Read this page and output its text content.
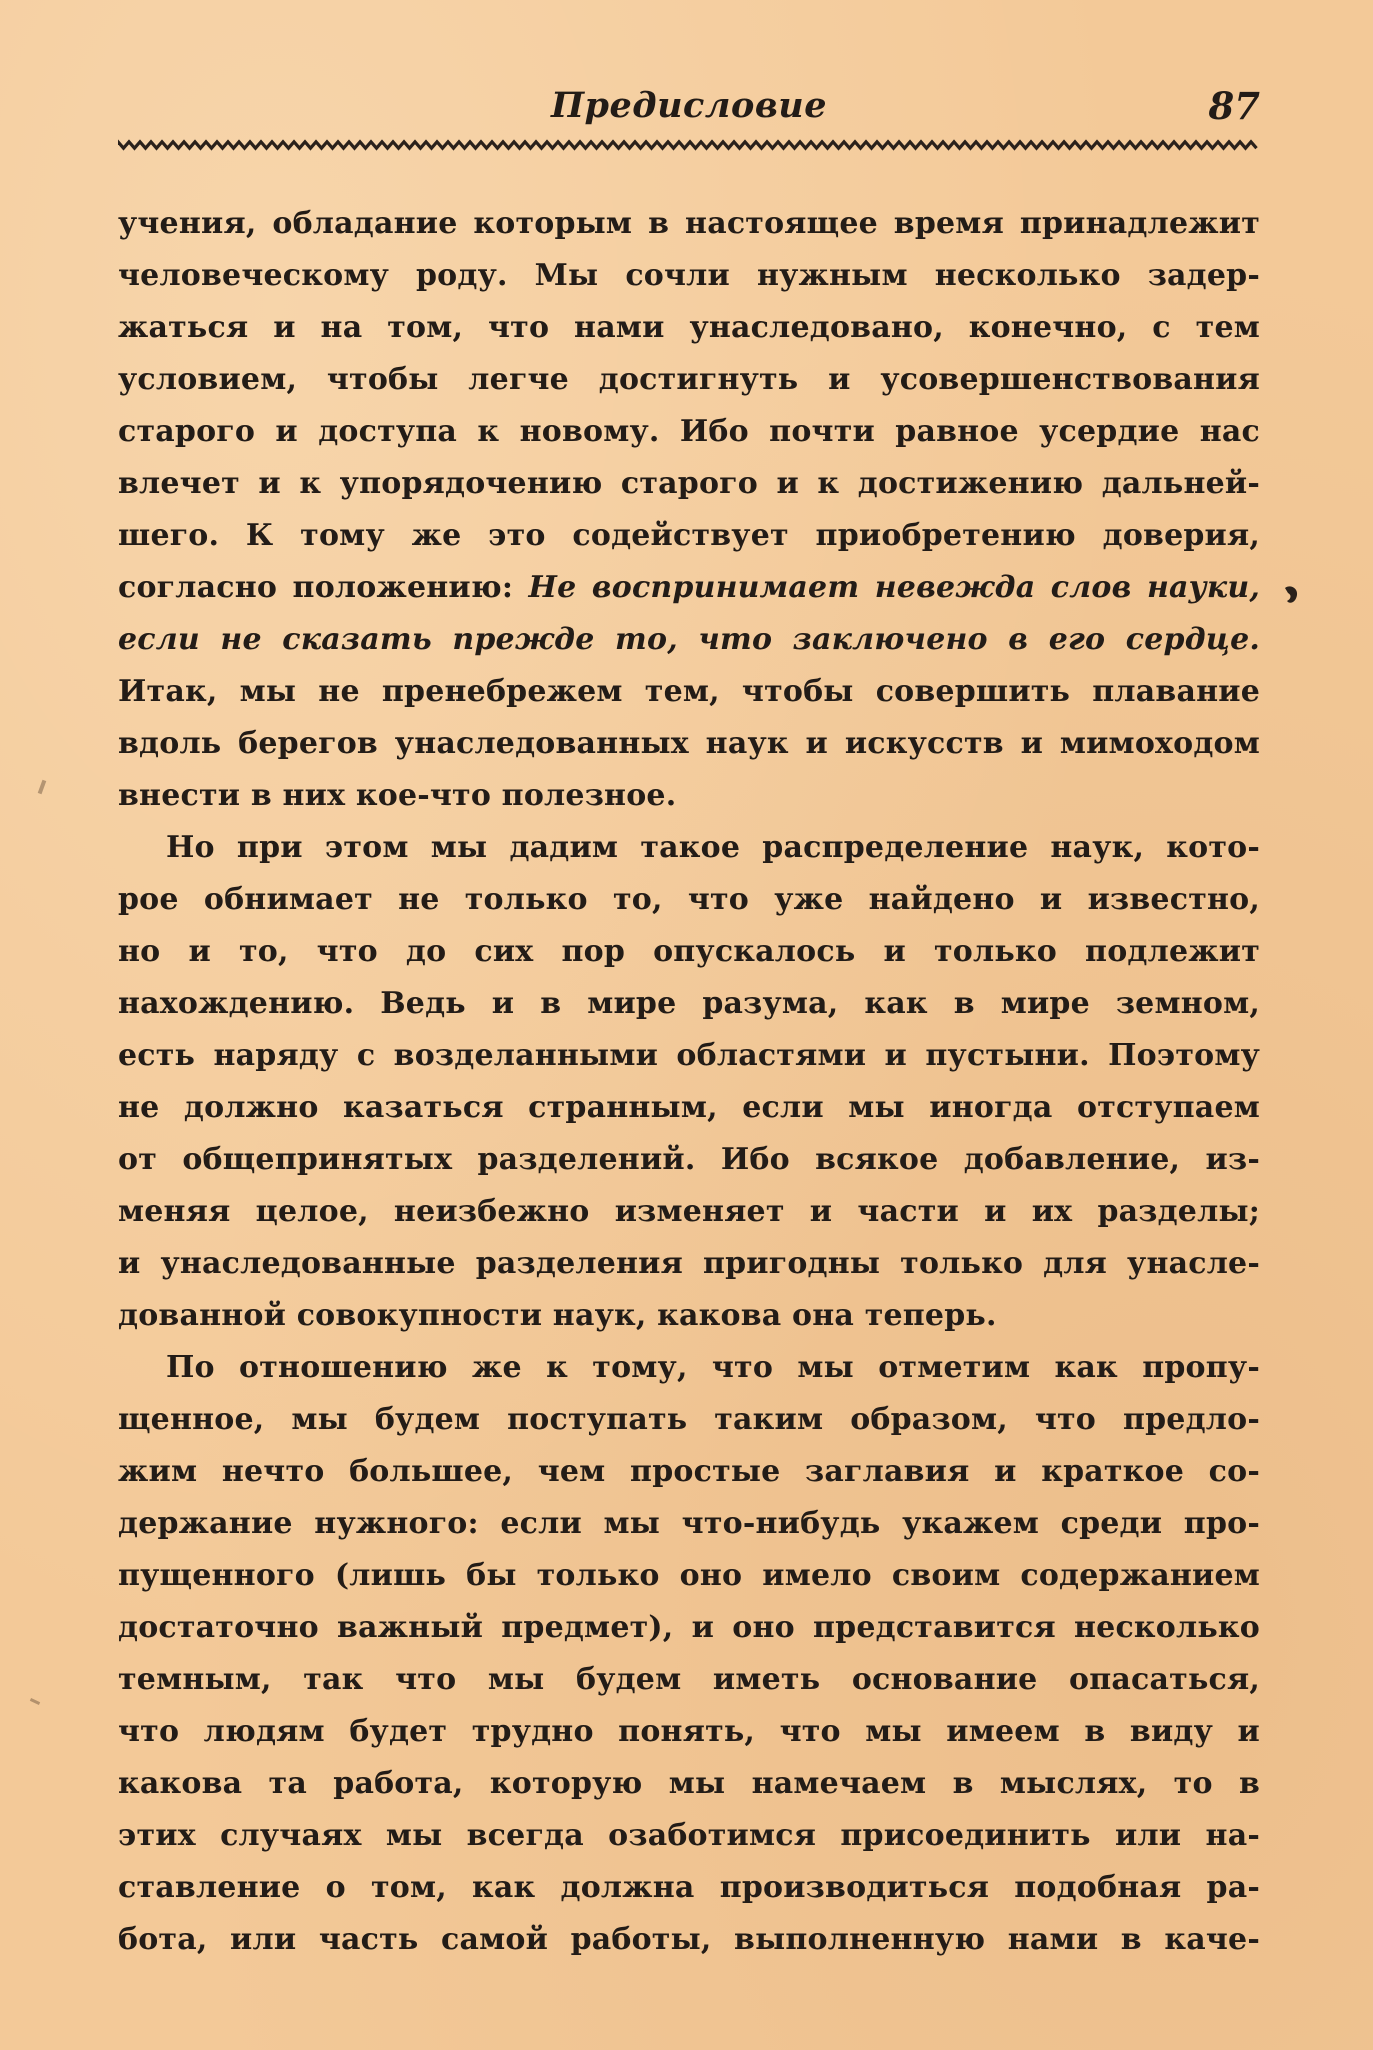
Предисловие	87
учения, обладание которым в настоящее время принадлежит
человеческому роду. Мы сочли нужным несколько задер-
жаться и на том, что нами унаследовано, конечно, с тем
условием, чтобы легче достигнуть и усовершенствования
старого и доступа к новому. Ибо почти равное усердие нас
влечет и к упорядочению старого и к достижению дальней-
шего. К тому же это содействует приобретению доверия,
согласно положению: Не воспринимает невежда слов науки,
если не сказать прежде то, что заключено в его сердце.
Итак, мы не пренебрежем тем, чтобы совершить плавание
вдоль берегов унаследованных наук и искусств и мимоходом
внести в них кое-что полезное.
Но при этом мы дадим такое распределение наук, кото-
рое обнимает не только то, что уже найдено и известно,
но и то, что до сих пор опускалось и только подлежит
нахождению. Ведь и в мире разума, как в мире земном,
есть наряду с возделанными областями и пустыни. Поэтому
не должно казаться странным, если мы иногда отступаем
от общепринятых разделений. Ибо всякое добавление, из-
меняя целое, неизбежно изменяет и части и их разделы;
и унаследованные разделения пригодны только для унасле-
дованной совокупности наук, какова она теперь.
По отношению же к тому, что мы отметим как пропу-
щенное, мы будем поступать таким образом, что предло-
жим нечто большее, чем простые заглавия и краткое со-
держание нужного: если мы что-нибудь укажем среди про-
пущенного (лишь бы только оно имело своим содержанием
достаточно важный предмет), и оно представится несколько
темным, так что мы будем иметь основание опасаться,
что людям будет трудно понять, что мы имеем в виду и
какова та работа, которую мы намечаем в мыслях, то в
этих случаях мы всегда озаботимся присоединить или на-
ставление о том, как должна производиться подобная ра-
бота, или часть самой работы, выполненную нами в каче-
